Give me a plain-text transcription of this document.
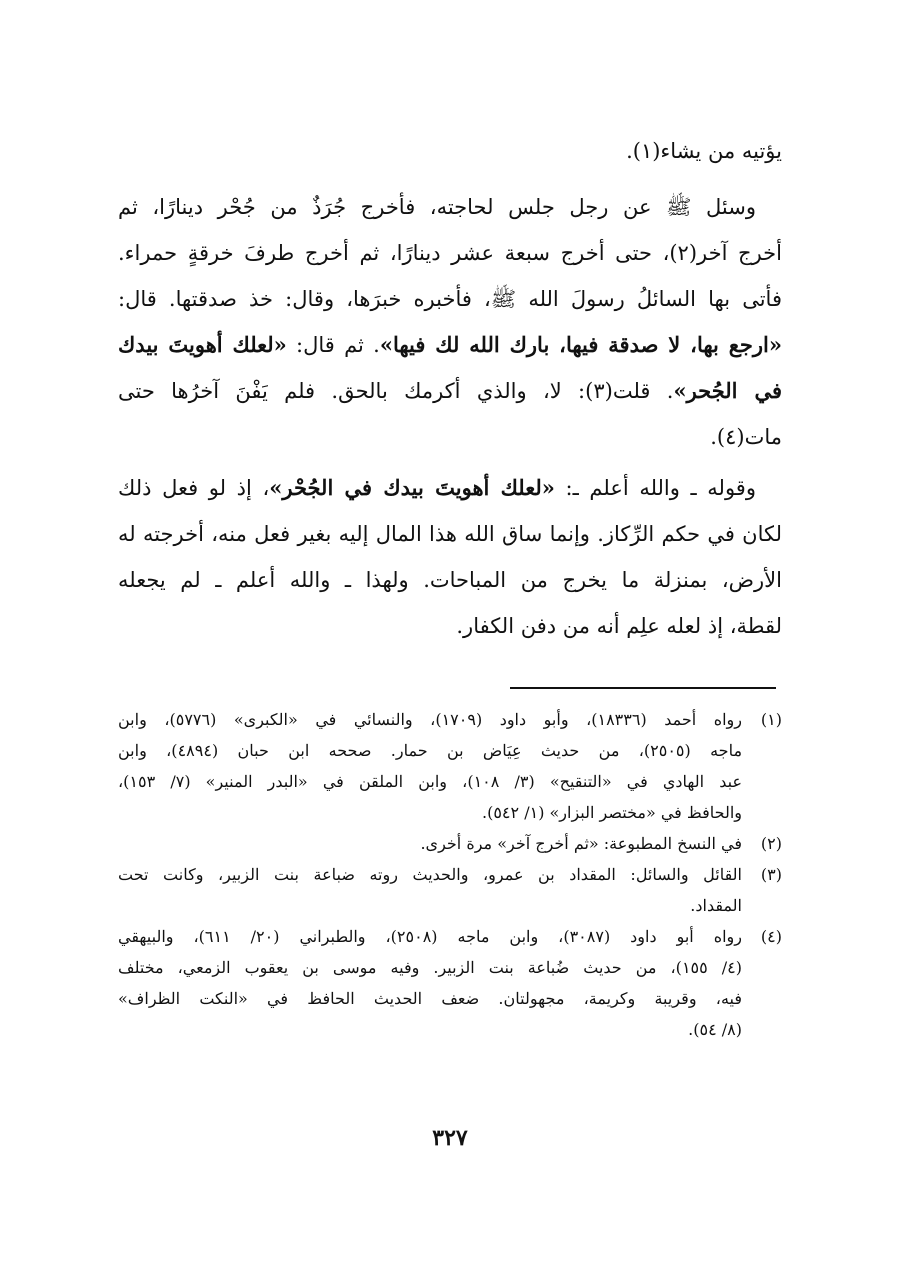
يؤتيه من يشاء(١).
وسئل ﷺ عن رجل جلس لحاجته، فأخرج جُرَذٌ من جُحْر دينارًا، ثم
أخرج آخر(٢)، حتى أخرج سبعة عشر دينارًا، ثم أخرج طرفَ خرقةٍ حمراء.
فأتى بها السائلُ رسولَ الله ﷺ، فأخبره خبرَها، وقال: خذ صدقتها. قال:
«ارجع بها، لا صدقة فيها، بارك الله لك فيها». ثم قال: «لعلك أهويتَ بيدك
في الجُحر». قلت(٣): لا، والذي أكرمك بالحق. فلم يَفْنَ آخرُها حتى
مات(٤).
وقوله ـ والله أعلم ـ: «لعلك أهويتَ بيدك في الجُحْر»، إذ لو فعل ذلك
لكان في حكم الرِّكاز. وإنما ساق الله هذا المال إليه بغير فعل منه، أخرجته له
الأرض، بمنزلة ما يخرج من المباحات. ولهذا ـ والله أعلم ـ لم يجعله
لقطة، إذ لعله علِم أنه من دفن الكفار.
(١)
رواه أحمد (١٨٣٣٦)، وأبو داود (١٧٠٩)، والنسائي في «الكبرى» (٥٧٧٦)، وابن
ماجه (٢٥٠٥)، من حديث عِيَاض بن حمار. صححه ابن حبان (٤٨٩٤)، وابن
عبد الهادي في «التنقيح» (٣/ ١٠٨)، وابن الملقن في «البدر المنير» (٧/ ١٥٣)،
والحافظ في «مختصر البزار» (١/ ٥٤٢).
(٢)
في النسخ المطبوعة: «ثم أخرج آخر» مرة أخرى.
(٣)
القائل والسائل: المقداد بن عمرو، والحديث روته ضباعة بنت الزبير، وكانت تحت
المقداد.
(٤)
رواه أبو داود (٣٠٨٧)، وابن ماجه (٢٥٠٨)، والطبراني (٢٠/ ٦١١)، والبيهقي
(٤/ ١٥٥)، من حديث ضُباعة بنت الزبير. وفيه موسى بن يعقوب الزمعي، مختلف
فيه، وقريبة وكريمة، مجهولتان. ضعف الحديث الحافظ في «النكت الظراف»
(٨/ ٥٤).
٣٢٧
